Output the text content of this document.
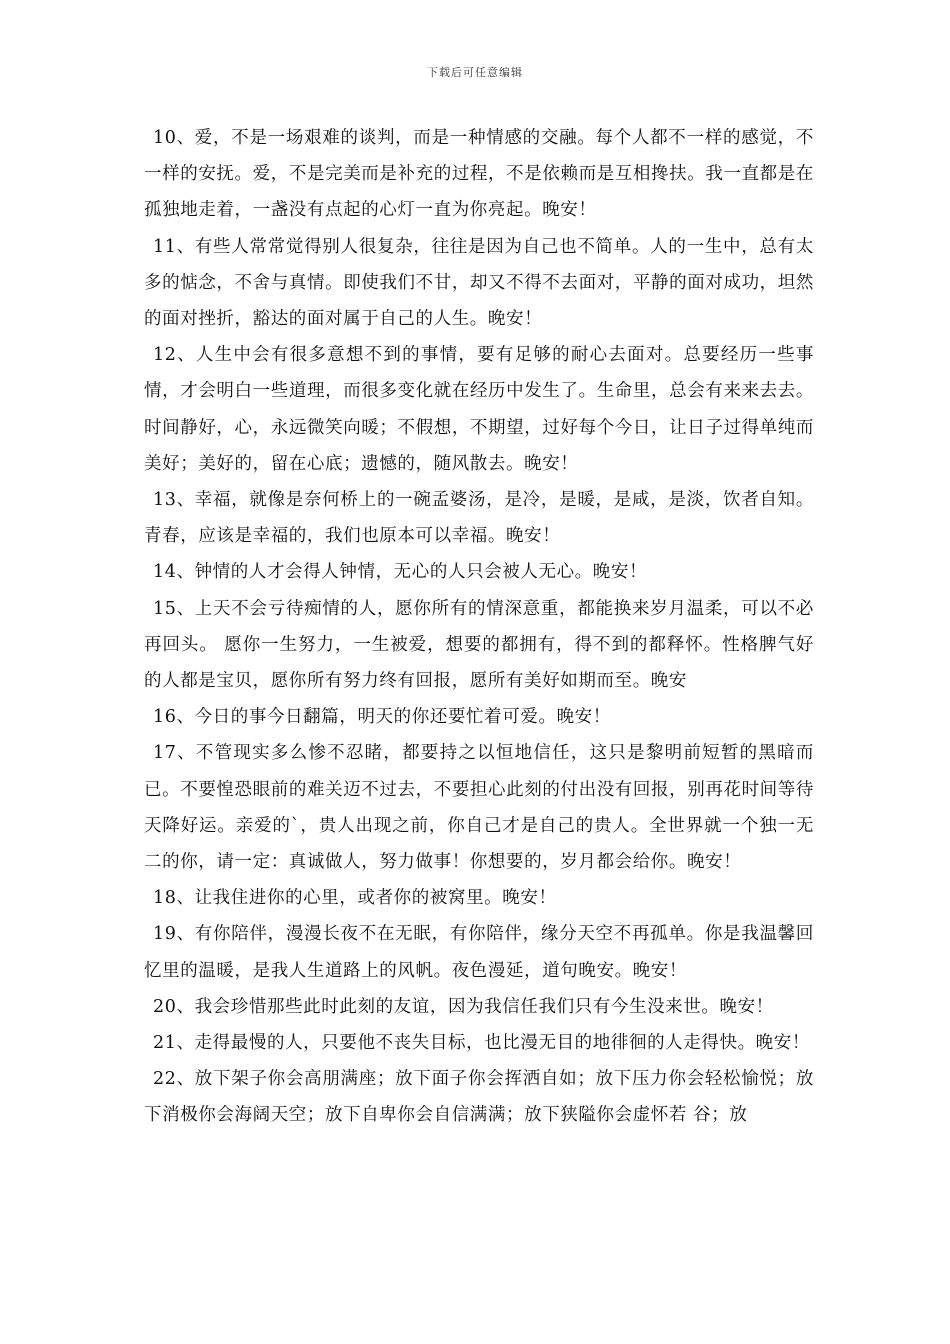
下载后可任意编辑

10、爱，不是一场艰难的谈判，而是一种情感的交融。每个人都不一样的感觉，不一样的安抚。爱，不是完美而是补充的过程，不是依赖而是互相搀扶。我一直都是在孤独地走着，一盏没有点起的心灯一直为你亮起。晚安！

11、有些人常常觉得别人很复杂，往往是因为自己也不简单。人的一生中，总有太多的惦念，不舍与真情。即使我们不甘，却又不得不去面对，平静的面对成功，坦然的面对挫折，豁达的面对属于自己的人生。晚安！

12、人生中会有很多意想不到的事情，要有足够的耐心去面对。总要经历一些事情，才会明白一些道理，而很多变化就在经历中发生了。生命里，总会有来来去去。时间静好，心，永远微笑向暖；不假想，不期望，过好每个今日，让日子过得单纯而美好；美好的，留在心底；遗憾的，随风散去。晚安！

13、幸福，就像是奈何桥上的一碗孟婆汤，是冷，是暖，是咸，是淡，饮者自知。青春，应该是幸福的，我们也原本可以幸福。晚安！

14、钟情的人才会得人钟情，无心的人只会被人无心。晚安！

15、上天不会亏待痴情的人，愿你所有的情深意重，都能换来岁月温柔，可以不必再回头。 愿你一生努力，一生被爱，想要的都拥有，得不到的都释怀。性格脾气好的人都是宝贝，愿你所有努力终有回报，愿所有美好如期而至。晚安

16、今日的事今日翻篇，明天的你还要忙着可爱。晚安！

17、不管现实多么惨不忍睹，都要持之以恒地信任，这只是黎明前短暂的黑暗而已。不要惶恐眼前的难关迈不过去，不要担心此刻的付出没有回报，别再花时间等待天降好运。亲爱的`，贵人出现之前，你自己才是自己的贵人。全世界就一个独一无二的你，请一定：真诚做人，努力做事！你想要的，岁月都会给你。晚安！

18、让我住进你的心里，或者你的被窝里。晚安！

19、有你陪伴，漫漫长夜不在无眠，有你陪伴，缘分天空不再孤单。你是我温馨回忆里的温暖，是我人生道路上的风帆。夜色漫延，道句晚安。晚安！

20、我会珍惜那些此时此刻的友谊，因为我信任我们只有今生没来世。晚安！

21、走得最慢的人，只要他不丧失目标，也比漫无目的地徘徊的人走得快。晚安！

22、放下架子你会高朋满座；放下面子你会挥洒自如；放下压力你会轻松愉悦；放下消极你会海阔天空；放下自卑你会自信满满；放下狭隘你会虚怀若 谷；放
